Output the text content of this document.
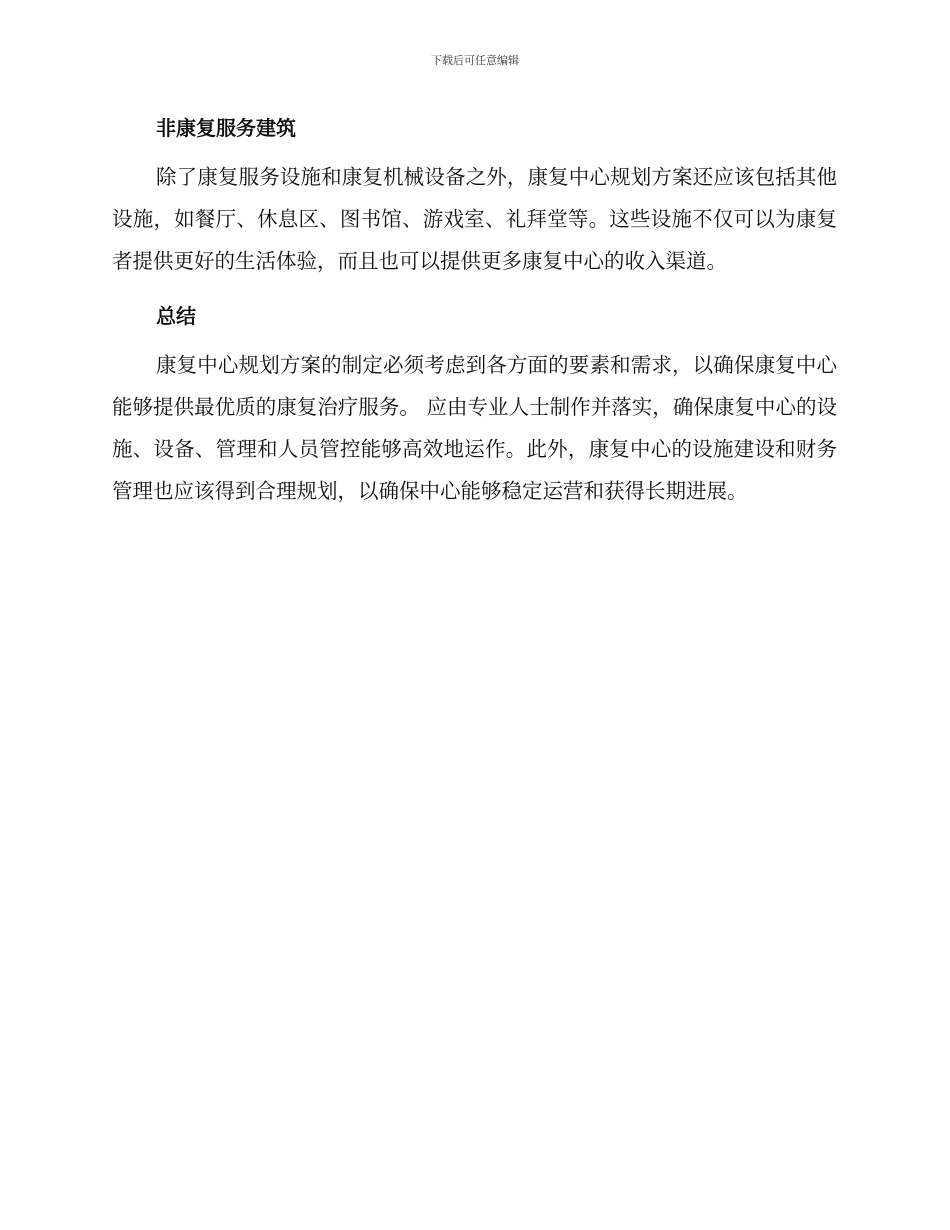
下载后可任意编辑
非康复服务建筑

除了康复服务设施和康复机械设备之外，康复中心规划方案还应该包括其他设施，如餐厅、休息区、图书馆、游戏室、礼拜堂等。这些设施不仅可以为康复者提供更好的生活体验，而且也可以提供更多康复中心的收入渠道。

总结

康复中心规划方案的制定必须考虑到各方面的要素和需求，以确保康复中心能够提供最优质的康复治疗服务。 应由专业人士制作并落实，确保康复中心的设施、设备、管理和人员管控能够高效地运作。此外，康复中心的设施建设和财务管理也应该得到合理规划，以确保中心能够稳定运营和获得长期进展。
